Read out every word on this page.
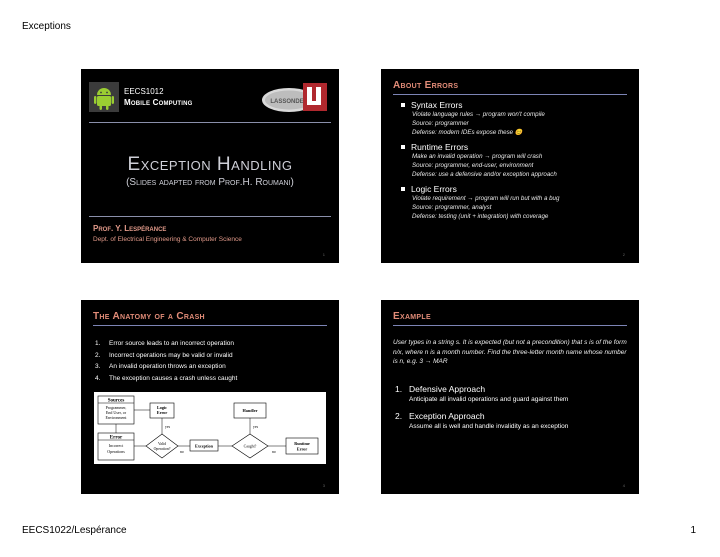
Exceptions
EECS1012
Mobile Computing	LASSONDE
Exception Handling
(Slides adapted from Prof.H. Roumani)
Prof. Y. Lespérance
Dept. of Electrical Engineering & Computer Science
1
About Errors
Syntax Errors
Violate language rules → program won't compile
Source: programmer
Defense: modern IDEs expose these 😊
Runtime Errors
Make an invalid operation → program will crash
Source: programmer, end-user, environment
Defense: use a defensive and/or exception approach
Logic Errors
Violate requirement → program will run but with a bug
Source: programmer, analyst
Defense: testing (unit + integration) with coverage
2
The Anatomy of a Crash
1. Error source leads to an incorrect operation
2. Incorrect operations may be valid or invalid
3. An invalid operation throws an exception
4. The exception causes a crash unless caught
Sources
Programmer,
End User, or
Environment
Logic
Error
Error
Incorrect
Operations
Valid
Operation?
yes
no
Exception	Caught?
yes
Handler
no
Runtime
Error
3
Example
User types in a string s. It is expected (but not a precondition) that s is of the form n/x, where n is a month number. Find the three-letter month name whose number is n, e.g. 3 → MAR
1. Defensive Approach
Anticipate all invalid operations and guard against them
2. Exception Approach
Assume all is well and handle invalidity as an exception
4
EECS1022/Lespérance	1
